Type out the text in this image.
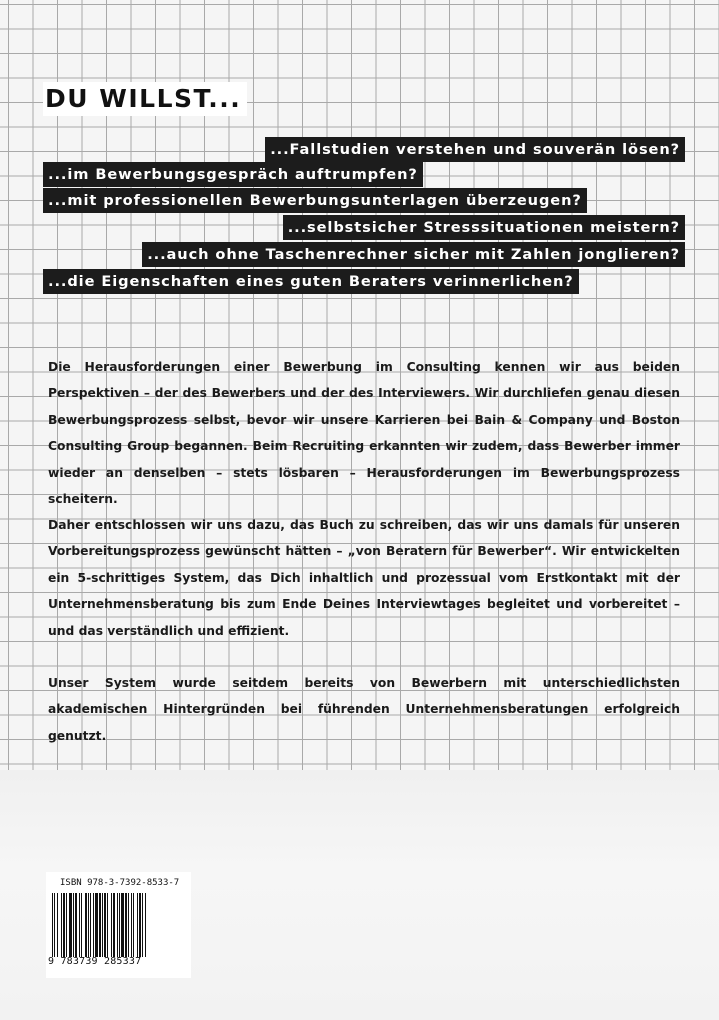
DU WILLST...
...Fallstudien verstehen und souverän lösen?
...im Bewerbungsgespräch auftrumpfen?
...mit professionellen Bewerbungsunterlagen überzeugen?
...selbstsicher Stresssituationen meistern?
...auch ohne Taschenrechner sicher mit Zahlen jonglieren?
...die Eigenschaften eines guten Beraters verinnerlichen?
Die Herausforderungen einer Bewerbung im Consulting kennen wir aus beiden Perspektiven – der des Bewerbers und der des Interviewers. Wir durchliefen genau diesen Bewerbungsprozess selbst, bevor wir unsere Karrieren bei Bain & Company und Boston Consulting Group begannen. Beim Recruiting erkannten wir zudem, dass Bewerber immer wieder an denselben – stets lösbaren – Herausforderungen im Bewerbungsprozess scheitern.
Daher entschlossen wir uns dazu, das Buch zu schreiben, das wir uns damals für unseren Vorbereitungsprozess gewünscht hätten – „von Beratern für Bewerber“. Wir entwickelten ein 5-schrittiges System, das Dich inhaltlich und prozessual vom Erstkontakt mit der Unternehmensberatung bis zum Ende Deines Interviewtages begleitet und vorbereitet – und das verständlich und effizient.
Unser System wurde seitdem bereits von Bewerbern mit unterschiedlichsten akademischen Hintergründen bei führenden Unternehmensberatungen erfolgreich genutzt.
ISBN 978-3-7392-8533-7
9 783739 285337
